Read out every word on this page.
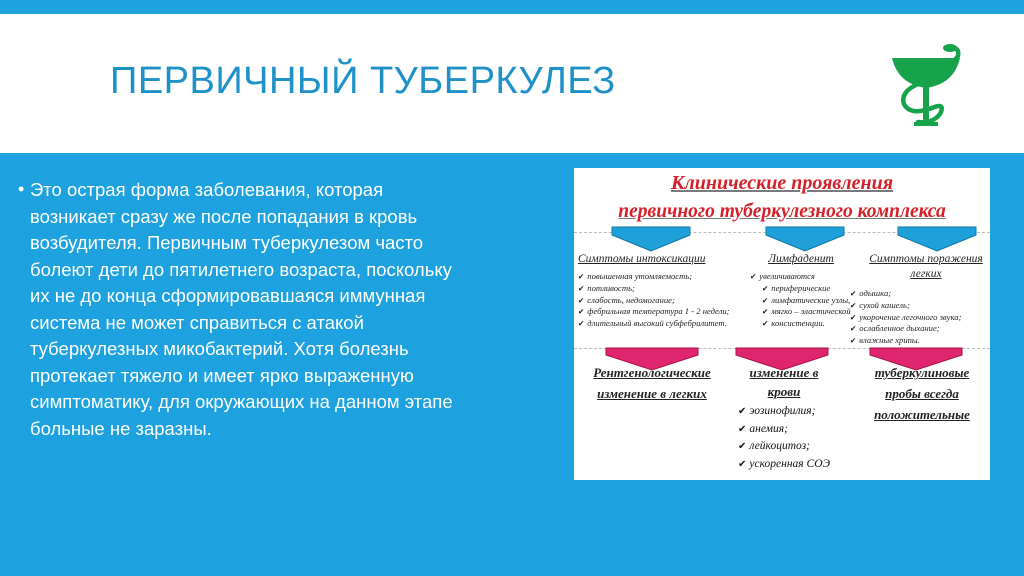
ПЕРВИЧНЫЙ ТУБЕРКУЛЕЗ
• Это острая форма заболевания, которая
возникает сразу же после попадания в кровь
возбудителя. Первичным туберкулезом часто
болеют дети до пятилетнего возраста, поскольку
их не до конца сформировавшаяся иммунная
система не может справиться с атакой
туберкулезных микобактерий. Хотя болезнь
протекает тяжело и имеет ярко выраженную
симптоматику, для окружающих на данном этапе
больные не заразны.
Клинические проявления
первичного туберкулезного комплекса
Симптомы интоксикации
✔ повышенная утомляемость;
✔ потливость;
✔ слабость, недомогание;
✔ фебрильная температура 1 - 2 недели;
✔ длительный высокий субфебрилитет.
Лимфаденит
✔ увеличиваются
✔ периферические
✔ лимфатические узлы,
✔ мягко – эластической
✔ консистенции.
Симптомы поражения
легких
✔ одышка;
✔ сухой кашель;
✔ укорочение легочного звука;
✔ ослабленное дыхание;
✔ влажные хрипы.
Рентгенологические
изменение в легких
изменение в
крови
✔ эозинофилия;
✔ анемия;
✔ лейкоцитоз;
✔ ускоренная СОЭ
туберкулиновые
пробы всегда
положительные
